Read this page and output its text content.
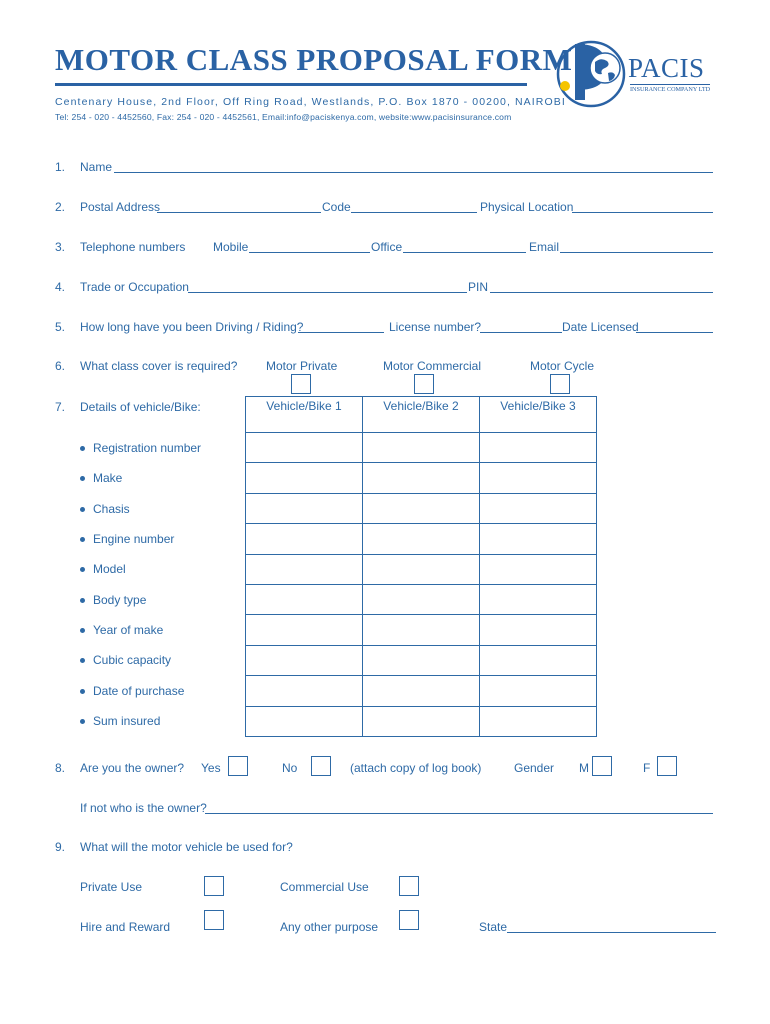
MOTOR CLASS PROPOSAL FORM
Centenary House, 2nd Floor, Off Ring Road, Westlands, P.O. Box 1870 - 00200, NAIROBI
Tel: 254 - 020 - 4452560, Fax: 254 - 020 - 4452561, Email:info@paciskenya.com, website:www.pacisinsurance.com
PACIS
INSURANCE COMPANY LTD
1. Name
2. Postal Address	Code	Physical Location
3. Telephone numbers Mobile	Office	Email
4. Trade or Occupation	PIN
5. How long have you been Driving / Riding?	License number?	Date Licensed
6. What class cover is required? Motor Private	Motor Commercial	Motor Cycle
7. Details of vehicle/Bike:	Vehicle/Bike 1	Vehicle/Bike 2	Vehicle/Bike 3

Registration number
Make
Chasis
Engine number
Model
Body type
Year of make
Cubic capacity
Date of purchase
Sum insured
8. Are you the owner? Yes	No	(attach copy of log book)	Gender M	F
If not who is the owner?
9. What will the motor vehicle be used for?
Private Use	Commercial Use
Hire and Reward	Any other purpose	State
